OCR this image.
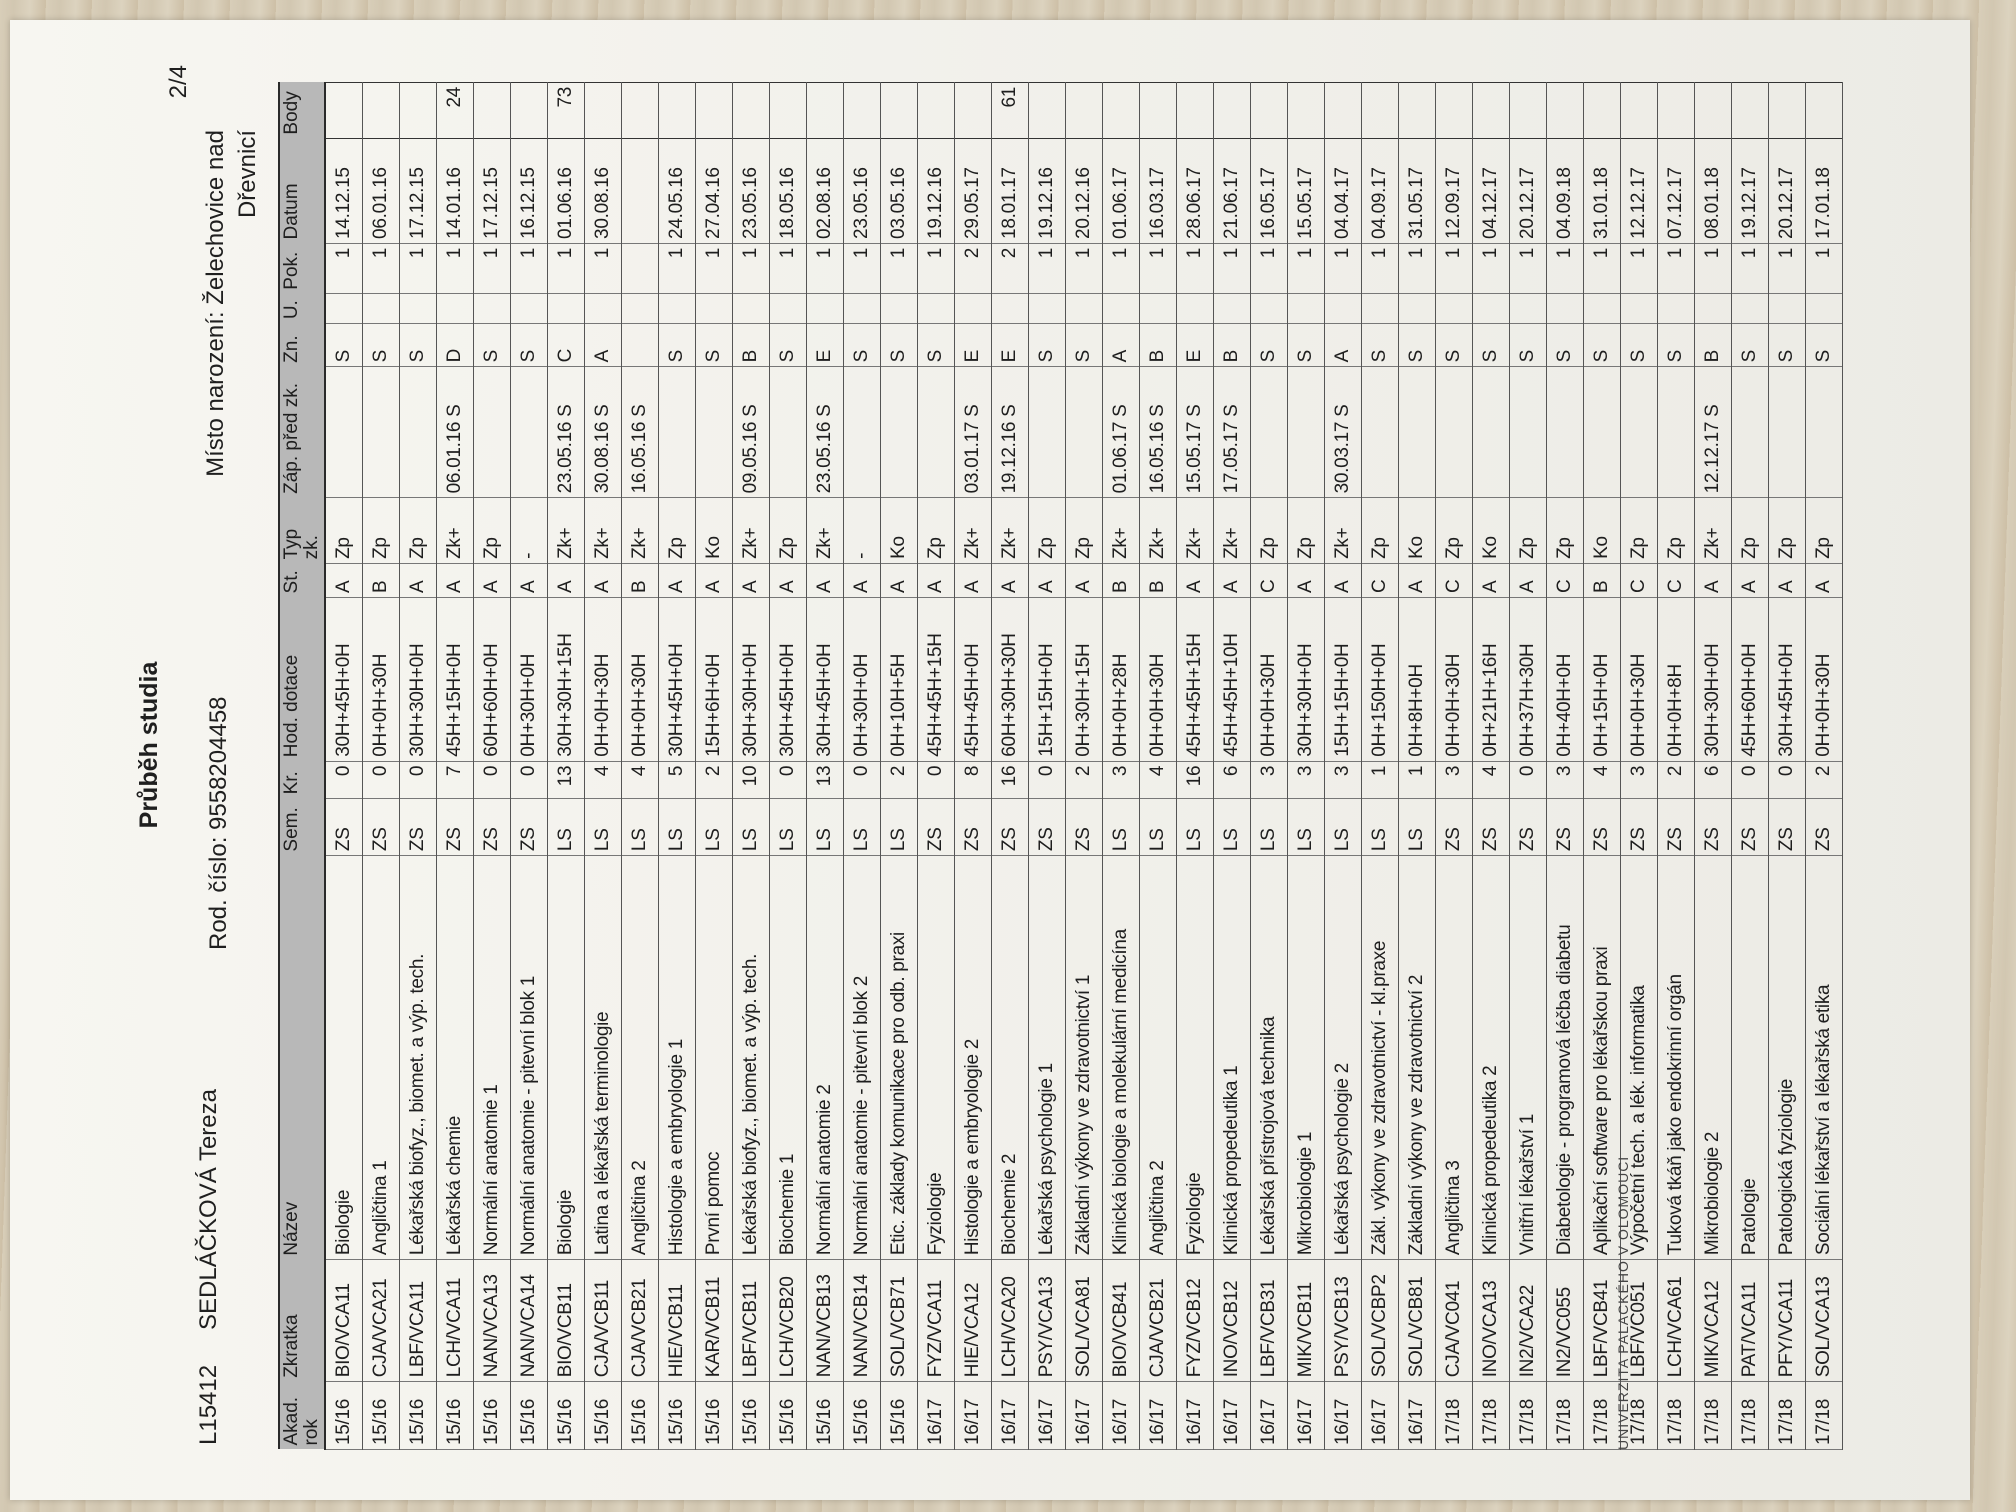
Průběh studia
2/4
L15412
SEDLÁČKOVÁ Tereza
Rod. číslo: 9558204458
Místo narození: Želechovice nad Dřevnicí
Akad. rok	Zkratka	Název	Sem.	Kr.	Hod. dotace	St.	Typ zk.	Záp. před zk.	Zn.	U.	Pok.	Datum	Body
15/16	BIO/VCA11	Biologie	ZS	0	30H+45H+0H	A	Zp		S		1	14.12.15	
15/16	CJA/VCA21	Angličtina 1	ZS	0	0H+0H+30H	B	Zp		S		1	06.01.16	
15/16	LBF/VCA11	Lékařská biofyz., biomet. a výp. tech.	ZS	0	30H+30H+0H	A	Zp		S		1	17.12.15	
15/16	LCH/VCA11	Lékařská chemie	ZS	7	45H+15H+0H	A	Zk+	06.01.16 S	D		1	14.01.16	24
15/16	NAN/VCA13	Normální anatomie 1	ZS	0	60H+60H+0H	A	Zp		S		1	17.12.15	
15/16	NAN/VCA14	Normální anatomie - pitevní blok 1	ZS	0	0H+30H+0H	A	-		S		1	16.12.15	
15/16	BIO/VCB11	Biologie	LS	13	30H+30H+15H	A	Zk+	23.05.16 S	C		1	01.06.16	73
15/16	CJA/VCB11	Latina a lékařská terminologie	LS	4	0H+0H+30H	A	Zk+	30.08.16 S	A		1	30.08.16	
15/16	CJA/VCB21	Angličtina 2	LS	4	0H+0H+30H	B	Zk+	16.05.16 S					
15/16	HIE/VCB11	Histologie a embryologie 1	LS	5	30H+45H+0H	A	Zp		S		1	24.05.16	
15/16	KAR/VCB11	První pomoc	LS	2	15H+6H+0H	A	Ko		S		1	27.04.16	
15/16	LBF/VCB11	Lékařská biofyz., biomet. a výp. tech.	LS	10	30H+30H+0H	A	Zk+	09.05.16 S	B		1	23.05.16	
15/16	LCH/VCB20	Biochemie 1	LS	0	30H+45H+0H	A	Zp		S		1	18.05.16	
15/16	NAN/VCB13	Normální anatomie 2	LS	13	30H+45H+0H	A	Zk+	23.05.16 S	E		1	02.08.16	
15/16	NAN/VCB14	Normální anatomie - pitevní blok 2	LS	0	0H+30H+0H	A	-		S		1	23.05.16	
15/16	SOL/VCB71	Etic. základy komunikace pro odb. praxi	LS	2	0H+10H+5H	A	Ko		S		1	03.05.16	
16/17	FYZ/VCA11	Fyziologie	ZS	0	45H+45H+15H	A	Zp		S		1	19.12.16	
16/17	HIE/VCA12	Histologie a embryologie 2	ZS	8	45H+45H+0H	A	Zk+	03.01.17 S	E		2	29.05.17	
16/17	LCH/VCA20	Biochemie 2	ZS	16	60H+30H+30H	A	Zk+	19.12.16 S	E		2	18.01.17	61
16/17	PSY/VCA13	Lékařská psychologie 1	ZS	0	15H+15H+0H	A	Zp		S		1	19.12.16	
16/17	SOL/VCA81	Základní výkony ve zdravotnictví 1	ZS	2	0H+30H+15H	A	Zp		S		1	20.12.16	
16/17	BIO/VCB41	Klinická biologie a molekulární medicína	LS	3	0H+0H+28H	B	Zk+	01.06.17 S	A		1	01.06.17	
16/17	CJA/VCB21	Angličtina 2	LS	4	0H+0H+30H	B	Zk+	16.05.16 S	B		1	16.03.17	
16/17	FYZ/VCB12	Fyziologie	LS	16	45H+45H+15H	A	Zk+	15.05.17 S	E		1	28.06.17	
16/17	INO/VCB12	Klinická propedeutika 1	LS	6	45H+45H+10H	A	Zk+	17.05.17 S	B		1	21.06.17	
16/17	LBF/VCB31	Lékařská přístrojová technika	LS	3	0H+0H+30H	C	Zp		S		1	16.05.17	
16/17	MIK/VCB11	Mikrobiologie 1	LS	3	30H+30H+0H	A	Zp		S		1	15.05.17	
16/17	PSY/VCB13	Lékařská psychologie 2	LS	3	15H+15H+0H	A	Zk+	30.03.17 S	A		1	04.04.17	
16/17	SOL/VCBP2	Zákl. výkony ve zdravotnictví - kl.praxe	LS	1	0H+150H+0H	C	Zp		S		1	04.09.17	
16/17	SOL/VCB81	Základní výkony ve zdravotnictví 2	LS	1	0H+8H+0H	A	Ko		S		1	31.05.17	
17/18	CJA/VC041	Angličtina 3	ZS	3	0H+0H+30H	C	Zp		S		1	12.09.17	
17/18	INO/VCA13	Klinická propedeutika 2	ZS	4	0H+21H+16H	A	Ko		S		1	04.12.17	
17/18	IN2/VCA22	Vnitřní lékařství 1	ZS	0	0H+37H+30H	A	Zp		S		1	20.12.17	
17/18	IN2/VC055	Diabetologie - programová léčba diabetu	ZS	3	0H+40H+0H	C	Zp		S		1	04.09.18	
17/18	LBF/VCB41	Aplikační software pro lékařskou praxi	ZS	4	0H+15H+0H	B	Ko		S		1	31.01.18	
17/18	LBF/VC051	Výpočetní tech. a lék. informatika	ZS	3	0H+0H+30H	C	Zp		S		1	12.12.17	
17/18	LCH/VCA61	Tuková tkáň jako endokrinní orgán	ZS	2	0H+0H+8H	C	Zp		S		1	07.12.17	
17/18	MIK/VCA12	Mikrobiologie 2	ZS	6	30H+30H+0H	A	Zk+	12.12.17 S	B		1	08.01.18	
17/18	PAT/VCA11	Patologie	ZS	0	45H+60H+0H	A	Zp		S		1	19.12.17	
17/18	PFY/VCA11	Patologická fyziologie	ZS	0	30H+45H+0H	A	Zp		S		1	20.12.17	
17/18	SOL/VCA13	Sociální lékařství a lékařská etika	ZS	2	0H+0H+30H	A	Zp		S		1	17.01.18	
UNIVERZITA PALACKÉHO V OLOMOUCI
